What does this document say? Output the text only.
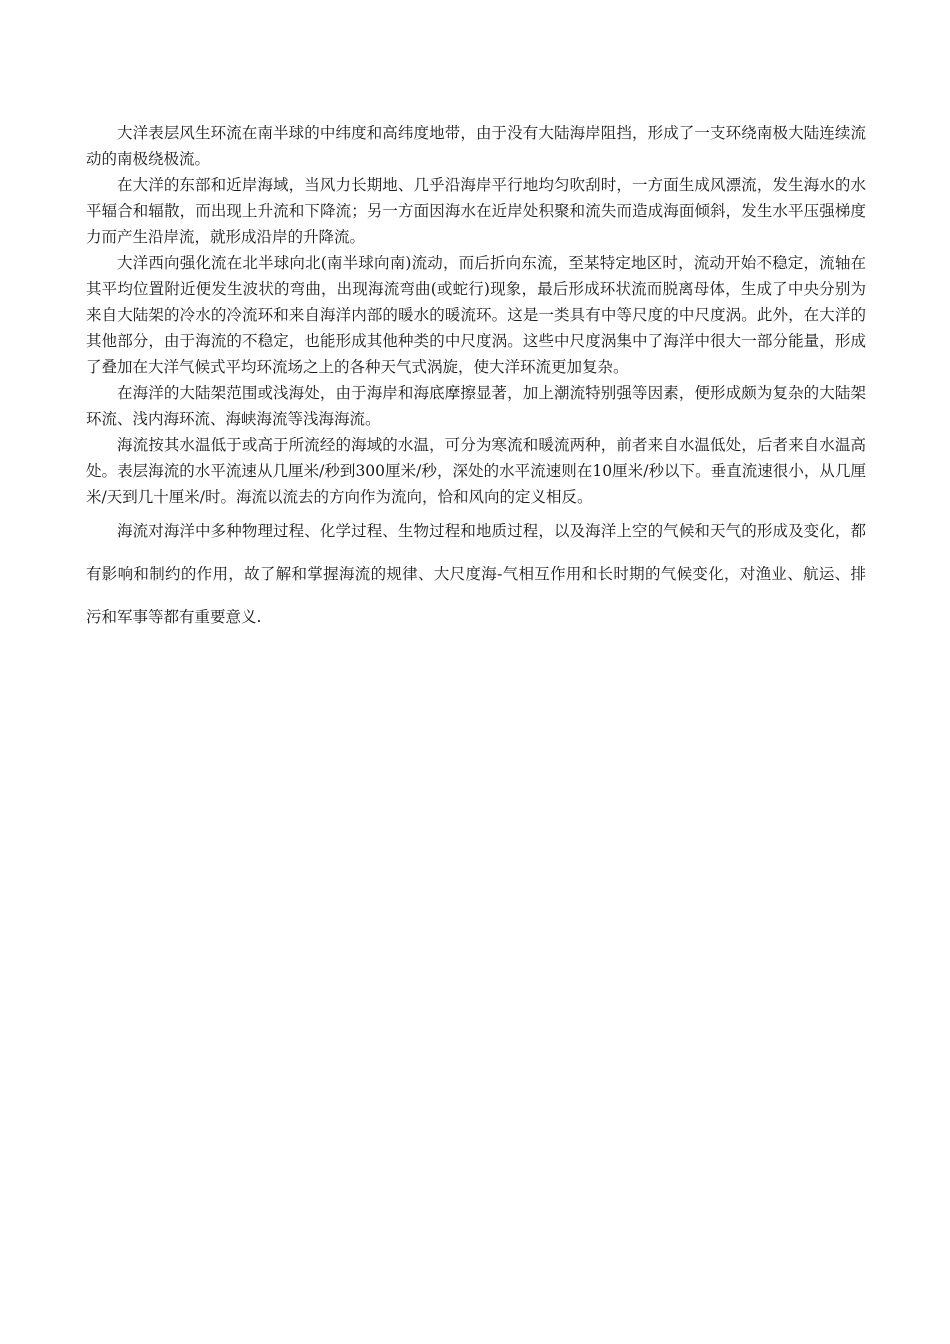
大洋表层风生环流在南半球的中纬度和高纬度地带，由于没有大陆海岸阻挡，形成了一支环绕南极大陆连续流动的南极绕极流。

在大洋的东部和近岸海域，当风力长期地、几乎沿海岸平行地均匀吹刮时，一方面生成风漂流，发生海水的水平辐合和辐散，而出现上升流和下降流；另一方面因海水在近岸处积聚和流失而造成海面倾斜，发生水平压强梯度力而产生沿岸流，就形成沿岸的升降流。

大洋西向强化流在北半球向北(南半球向南)流动，而后折向东流，至某特定地区时，流动开始不稳定，流轴在其平均位置附近便发生波状的弯曲，出现海流弯曲(或蛇行)现象，最后形成环状流而脱离母体，生成了中央分别为来自大陆架的冷水的冷流环和来自海洋内部的暖水的暖流环。这是一类具有中等尺度的中尺度涡。此外，在大洋的其他部分，由于海流的不稳定，也能形成其他种类的中尺度涡。这些中尺度涡集中了海洋中很大一部分能量，形成了叠加在大洋气候式平均环流场之上的各种天气式涡旋，使大洋环流更加复杂。

在海洋的大陆架范围或浅海处，由于海岸和海底摩擦显著，加上潮流特别强等因素，便形成颇为复杂的大陆架环流、浅内海环流、海峡海流等浅海海流。

海流按其水温低于或高于所流经的海域的水温，可分为寒流和暖流两种，前者来自水温低处，后者来自水温高处。表层海流的水平流速从几厘米/秒到300厘米/秒，深处的水平流速则在10厘米/秒以下。垂直流速很小，从几厘米/天到几十厘米/时。海流以流去的方向作为流向，恰和风向的定义相反。

海流对海洋中多种物理过程、化学过程、生物过程和地质过程，以及海洋上空的气候和天气的形成及变化，都有影响和制约的作用，故了解和掌握海流的规律、大尺度海-气相互作用和长时期的气候变化，对渔业、航运、排污和军事等都有重要意义.
